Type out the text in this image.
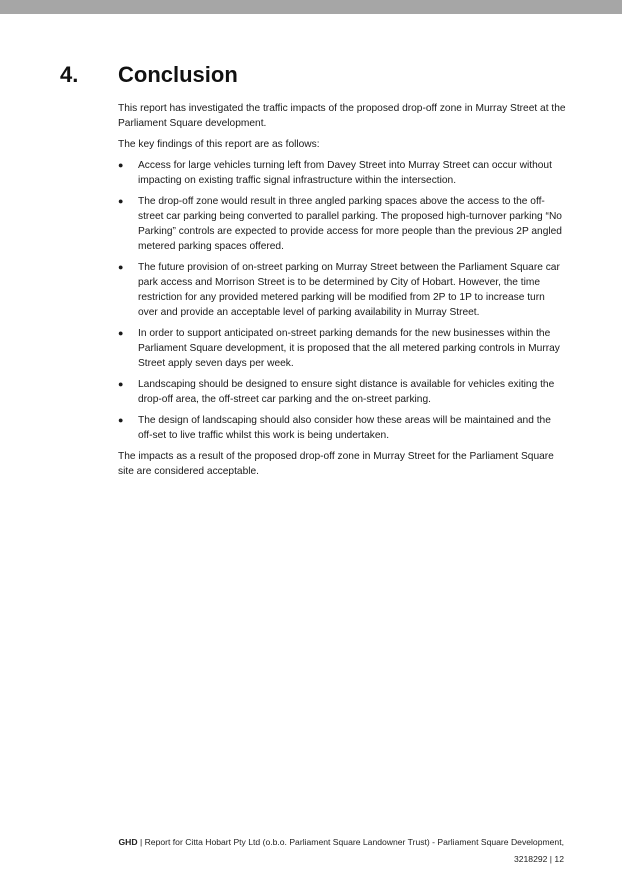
4. Conclusion

This report has investigated the traffic impacts of the proposed drop-off zone in Murray Street at the Parliament Square development.

The key findings of this report are as follows:

●	Access for large vehicles turning left from Davey Street into Murray Street can occur without impacting on existing traffic signal infrastructure within the intersection.
●	The drop-off zone would result in three angled parking spaces above the access to the off-street car parking being converted to parallel parking. The proposed high-turnover parking “No Parking” controls are expected to provide access for more people than the previous 2P angled metered parking spaces offered.
●	The future provision of on-street parking on Murray Street between the Parliament Square car park access and Morrison Street is to be determined by City of Hobart. However, the time restriction for any provided metered parking will be modified from 2P to 1P to increase turn over and provide an acceptable level of parking availability in Murray Street.
●	In order to support anticipated on-street parking demands for the new businesses within the Parliament Square development, it is proposed that the all metered parking controls in Murray Street apply seven days per week.
●	Landscaping should be designed to ensure sight distance is available for vehicles exiting the drop-off area, the off-street car parking and the on-street parking.
●	The design of landscaping should also consider how these areas will be maintained and the off-set to live traffic whilst this work is being undertaken.

The impacts as a result of the proposed drop-off zone in Murray Street for the Parliament Square site are considered acceptable.

GHD | Report for Citta Hobart Pty Ltd (o.b.o. Parliament Square Landowner Trust) - Parliament Square Development,
3218292 | 12
